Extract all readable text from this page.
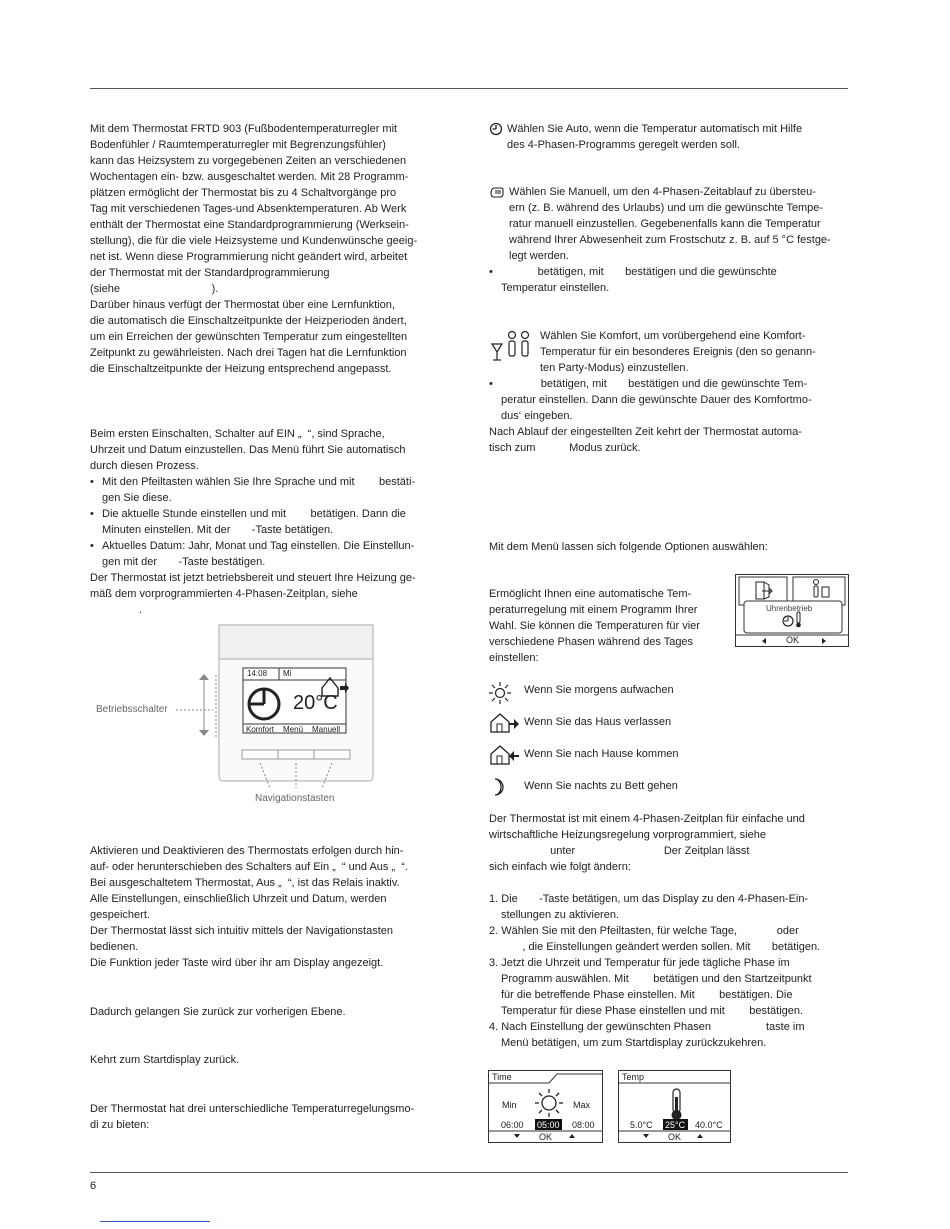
Mit dem Thermostat FRTD 903 (Fußbodentemperaturregler mit
Bodenfühler / Raumtemperaturregler mit Begrenzungsfühler)
kann das Heizsystem zu vorgegebenen Zeiten an verschiedenen
Wochentagen ein- bzw. ausgeschaltet werden. Mit 28 Programm-
plätzen ermöglicht der Thermostat bis zu 4 Schaltvorgänge pro
Tag mit verschiedenen Tages-und Absenktemperaturen. Ab Werk
enthält der Thermostat eine Standardprogrammierung (Werksein-
stellung), die für die viele Heizsysteme und Kundenwünsche geeig-
net ist. Wenn diese Programmierung nicht geändert wird, arbeitet
der Thermostat mit der Standardprogrammierung
(siehe                              ).
Darüber hinaus verfügt der Thermostat über eine Lernfunktion,
die automatisch die Einschaltzeitpunkte der Heizperioden ändert,
um ein Erreichen der gewünschten Temperatur zum eingestellten
Zeitpunkt zu gewährleisten. Nach drei Tagen hat die Lernfunktion
die Einschaltzeitpunkte der Heizung entsprechend angepasst.
Beim ersten Einschalten, Schalter auf EIN „  “, sind Sprache,
Uhrzeit und Datum einzustellen. Das Menü führt Sie automatisch
durch diesen Prozess.
• Mit den Pfeiltasten wählen Sie Ihre Sprache und mit        bestäti-
gen Sie diese.
• Die aktuelle Stunde einstellen und mit        betätigen. Dann die
Minuten einstellen. Mit der       -Taste betätigen.
• Aktuelles Datum: Jahr, Monat und Tag einstellen. Die Einstellun-
gen mit der       -Taste bestätigen.
Der Thermostat ist jetzt betriebsbereit und steuert Ihre Heizung ge-
mäß dem vorprogrammierten 4-Phasen-Zeitplan, siehe
.
Betriebsschalter
Navigationstasten
14:08 Mi
20°C
Komfort Menü Manuell
Aktivieren und Deaktivieren des Thermostats erfolgen durch hin-
auf- oder herunterschieben des Schalters auf Ein „  “ und Aus „  “.
Bei ausgeschaltetem Thermostat, Aus „  “, ist das Relais inaktiv.
Alle Einstellungen, einschließlich Uhrzeit und Datum, werden
gespeichert.
Der Thermostat lässt sich intuitiv mittels der Navigationstasten
bedienen.
Die Funktion jeder Taste wird über ihr am Display angezeigt.
Dadurch gelangen Sie zurück zur vorherigen Ebene.
Kehrt zum Startdisplay zurück.
Der Thermostat hat drei unterschiedliche Temperaturregelungsmo-
di zu bieten:
Wählen Sie Auto, wenn die Temperatur automatisch mit Hilfe
des 4-Phasen-Programms geregelt werden soll.
Wählen Sie Manuell, um den 4-Phasen-Zeitablauf zu übersteu-
ern (z. B. während des Urlaubs) und um die gewünschte Tempe-
ratur manuell einzustellen. Gegebenenfalls kann die Temperatur
während Ihrer Abwesenheit zum Frostschutz z. B. auf 5 °C festge-
legt werden.
•             betätigen, mit       bestätigen und die gewünschte
Temperatur einstellen.
Wählen Sie Komfort, um vorübergehend eine Komfort-
Temperatur für ein besonderes Ereignis (den so genann-
ten Party-Modus) einzustellen.
•              betätigen, mit       bestätigen und die gewünschte Tem-
peratur einstellen. Dann die gewünschte Dauer des Komfortmo-
dus‘ eingeben.
Nach Ablauf der eingestellten Zeit kehrt der Thermostat automa-
tisch zum           Modus zurück.
Mit dem Menü lassen sich folgende Optionen auswählen:
Ermöglicht Ihnen eine automatische Tem-
peraturregelung mit einem Programm Ihrer
Wahl. Sie können die Temperaturen für vier
verschiedene Phasen während des Tages
einstellen:
Uhrenbetrieb
OK
Wenn Sie morgens aufwachen
Wenn Sie das Haus verlassen
Wenn Sie nach Hause kommen
Wenn Sie nachts zu Bett gehen
Der Thermostat ist mit einem 4-Phasen-Zeitplan für einfache und
wirtschaftliche Heizungsregelung vorprogrammiert, siehe
unter                             Der Zeitplan lässt
sich einfach wie folgt ändern:
1. Die       -Taste betätigen, um das Display zu den 4-Phasen-Ein-
stellungen zu aktivieren.
2. Wählen Sie mit den Pfeiltasten, für welche Tage,             oder
, die Einstellungen geändert werden sollen. Mit       betätigen.
3. Jetzt die Uhrzeit und Temperatur für jede tägliche Phase im
Programm auswählen. Mit        betätigen und den Startzeitpunkt
für die betreffende Phase einstellen. Mit        bestätigen. Die
Temperatur für diese Phase einstellen und mit        bestätigen.
4. Nach Einstellung der gewünschten Phasen                  taste im
Menü betätigen, um zum Startdisplay zurückzukehren.
Time
Min	Max
06:00 05:00 08:00
OK
Temp
5.0°C 25°C 40.0°C
OK
6
